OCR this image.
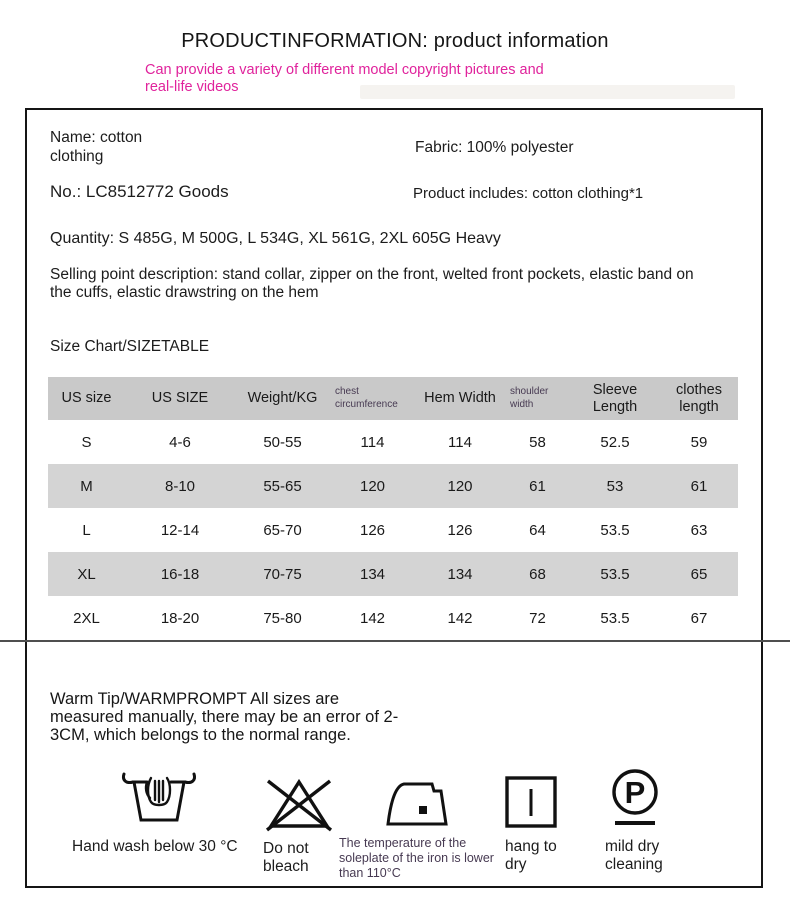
PRODUCTINFORMATION: product information
Can provide a variety of different model copyright pictures and real-life videos
Name: cotton clothing
Fabric: 100% polyester
No.: LC8512772 Goods	Product includes: cotton clothing*1
Quantity: S 485G, M 500G, L 534G, XL 561G, 2XL 605G Heavy
Selling point description: stand collar, zipper on the front, welted front pockets, elastic band on the cuffs, elastic drawstring on the hem
Size Chart/SIZETABLE
US size	US SIZE	Weight/KG	chest circumference	Hem Width	shoulder width	Sleeve Length	clothes length
S	4-6	50-55	114	114	58	52.5	59
M	8-10	55-65	120	120	61	53	61
L	12-14	65-70	126	126	64	53.5	63
XL	16-18	70-75	134	134	68	53.5	65
2XL	18-20	75-80	142	142	72	53.5	67
Warm Tip/WARMPROMPT All sizes are measured manually, there may be an error of 2-3CM, which belongs to the normal range.
Hand wash below 30 °C	Do not bleach
The temperature of the soleplate of the iron is lower than 110°C
hang to dry
P
mild dry cleaning
